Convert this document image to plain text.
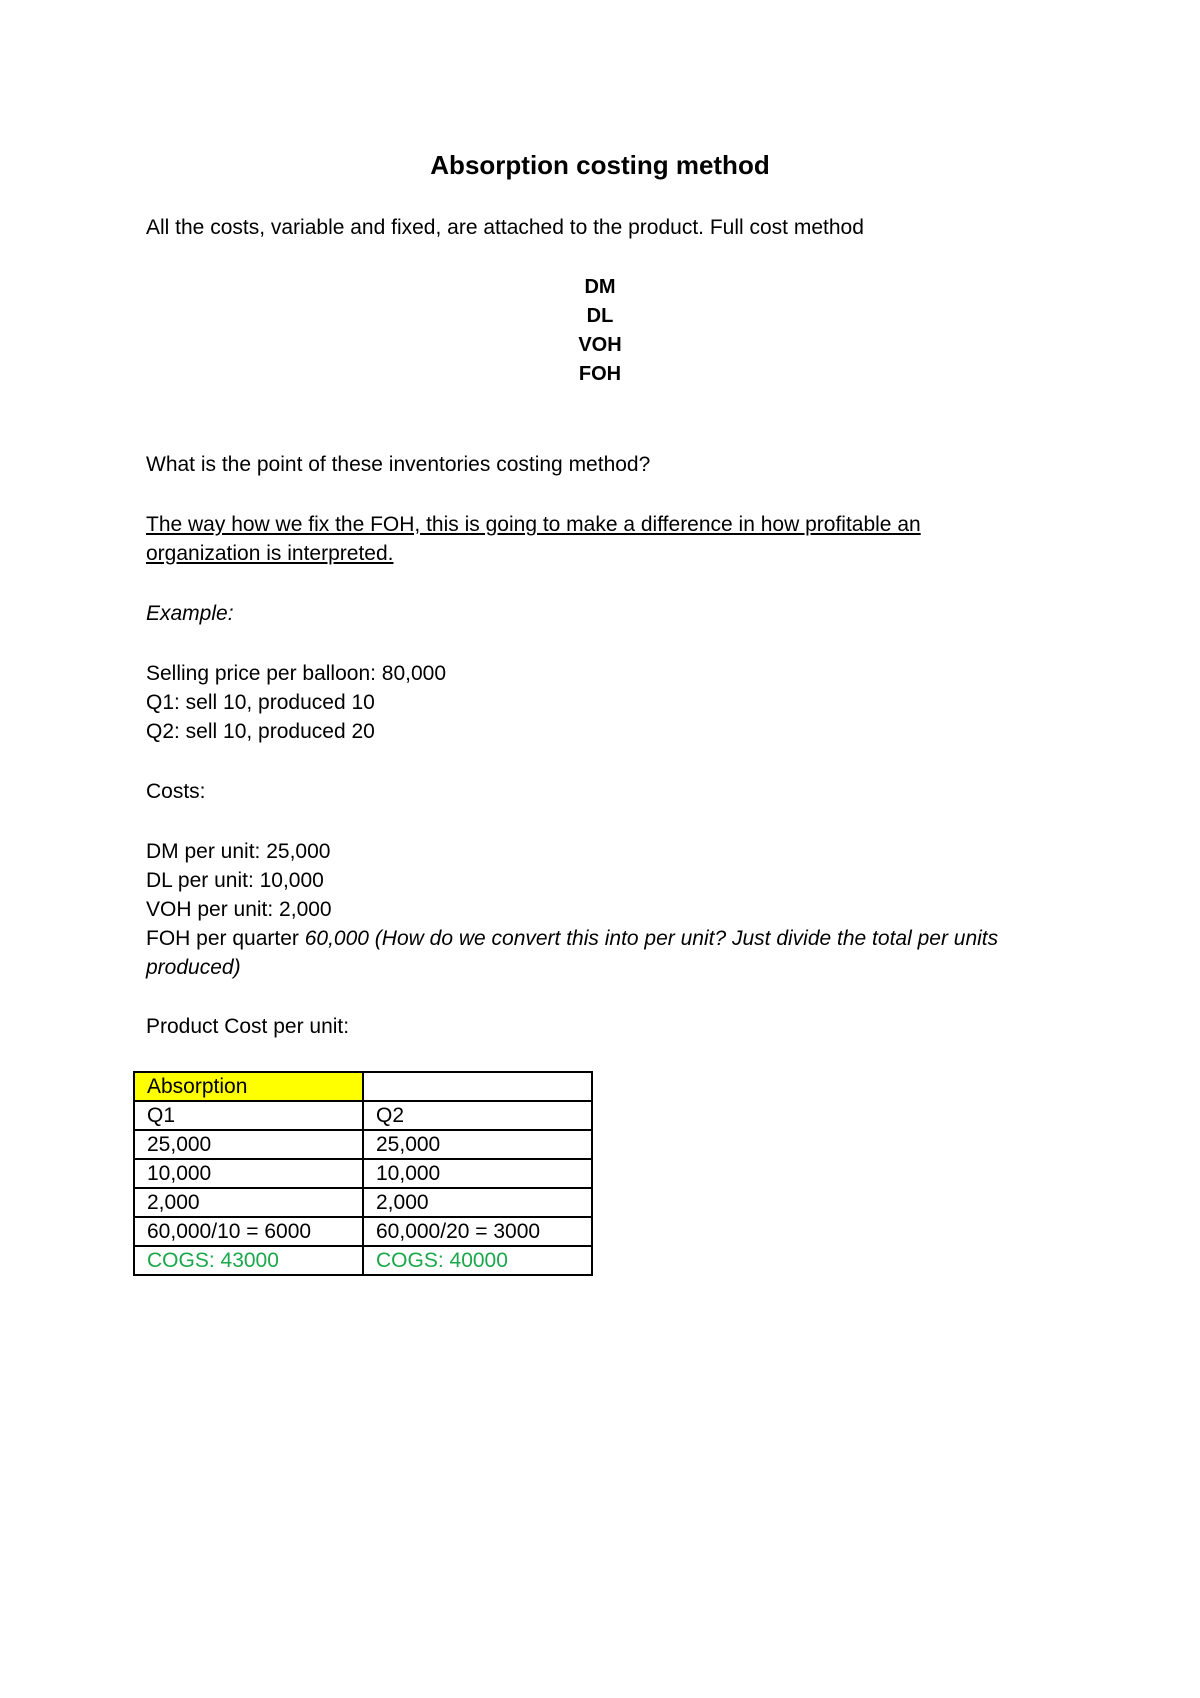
Absorption costing method
All the costs, variable and fixed, are attached to the product. Full cost method
DM
DL
VOH
FOH
What is the point of these inventories costing method?
The way how we fix the FOH, this is going to make a difference in how profitable an
organization is interpreted.
Example:
Selling price per balloon: 80,000
Q1: sell 10, produced 10
Q2: sell 10, produced 20
Costs:
DM per unit: 25,000
DL per unit: 10,000
VOH per unit: 2,000
FOH per quarter 60,000 (How do we convert this into per unit? Just divide the total per units
produced)
Product Cost per unit:
Absorption	
Q1	Q2
25,000	25,000
10,000	10,000
2,000	2,000
60,000/10 = 6000	60,000/20 = 3000
COGS: 43000	COGS: 40000
